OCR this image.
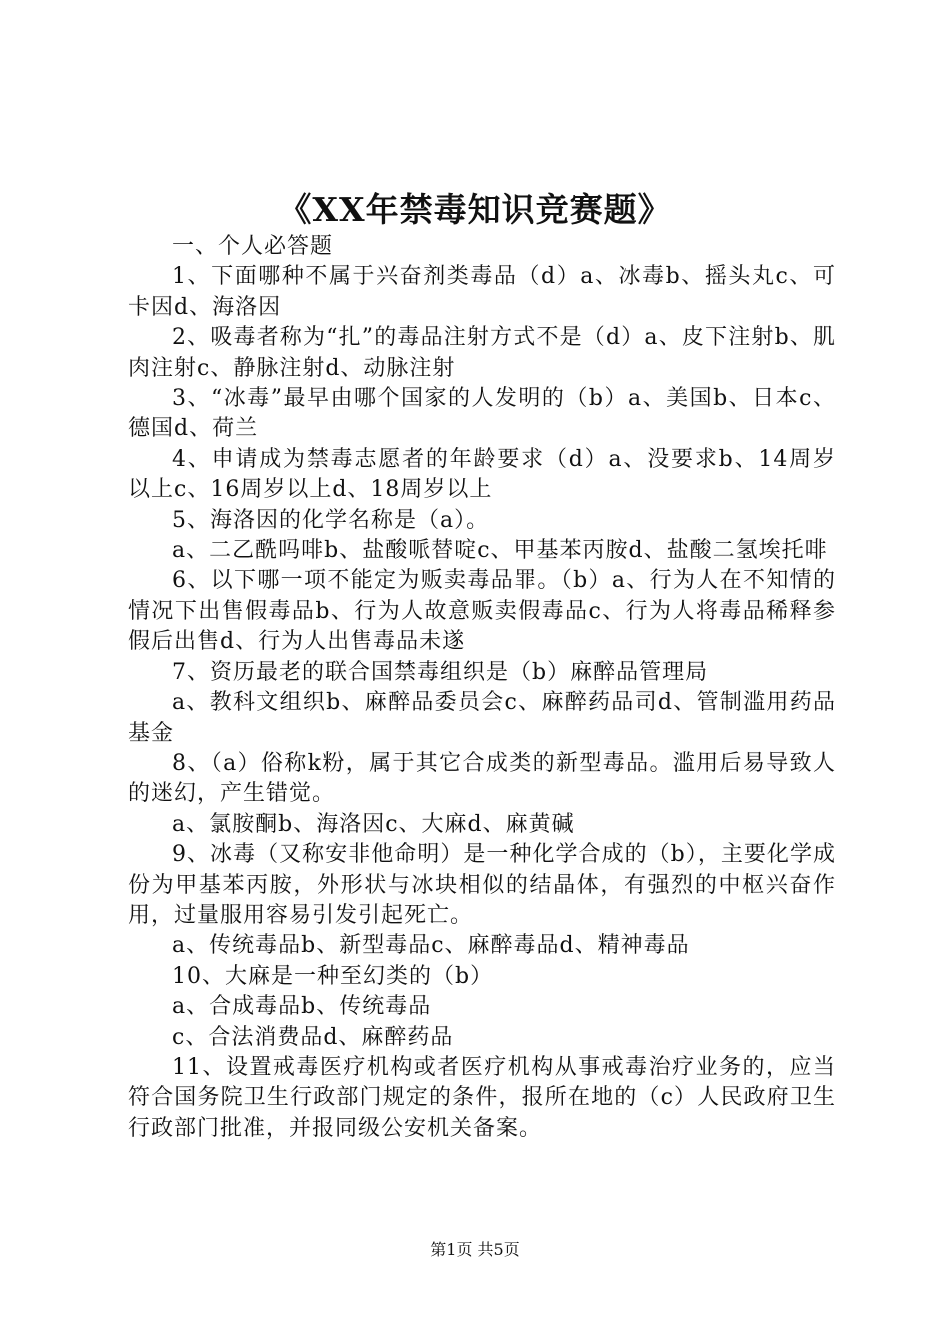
《XX年禁毒知识竞赛题》

一、个人必答题

1、下面哪种不属于兴奋剂类毒品（d）a、冰毒b、摇头丸c、可卡因d、海洛因

2、吸毒者称为“扎”的毒品注射方式不是（d）a、皮下注射b、肌肉注射c、静脉注射d、动脉注射

3、“冰毒”最早由哪个国家的人发明的（b）a、美国b、日本c、德国d、荷兰

4、申请成为禁毒志愿者的年龄要求（d）a、没要求b、14周岁以上c、16周岁以上d、18周岁以上

5、海洛因的化学名称是（a）。

a、二乙酰吗啡b、盐酸哌替啶c、甲基苯丙胺d、盐酸二氢埃托啡

6、以下哪一项不能定为贩卖毒品罪。（b）a、行为人在不知情的情况下出售假毒品b、行为人故意贩卖假毒品c、行为人将毒品稀释参假后出售d、行为人出售毒品未遂

7、资历最老的联合国禁毒组织是（b）麻醉品管理局

a、教科文组织b、麻醉品委员会c、麻醉药品司d、管制滥用药品基金

8、（a）俗称k粉，属于其它合成类的新型毒品。滥用后易导致人的迷幻，产生错觉。

a、氯胺酮b、海洛因c、大麻d、麻黄碱

9、冰毒（又称安非他命明）是一种化学合成的（b），主要化学成份为甲基苯丙胺，外形状与冰块相似的结晶体，有强烈的中枢兴奋作用，过量服用容易引发引起死亡。

a、传统毒品b、新型毒品c、麻醉毒品d、精神毒品

10、大麻是一种至幻类的（b）

a、合成毒品b、传统毒品

c、合法消费品d、麻醉药品

11、设置戒毒医疗机构或者医疗机构从事戒毒治疗业务的，应当符合国务院卫生行政部门规定的条件，报所在地的（c）人民政府卫生行政部门批准，并报同级公安机关备案。

第1页 共5页
